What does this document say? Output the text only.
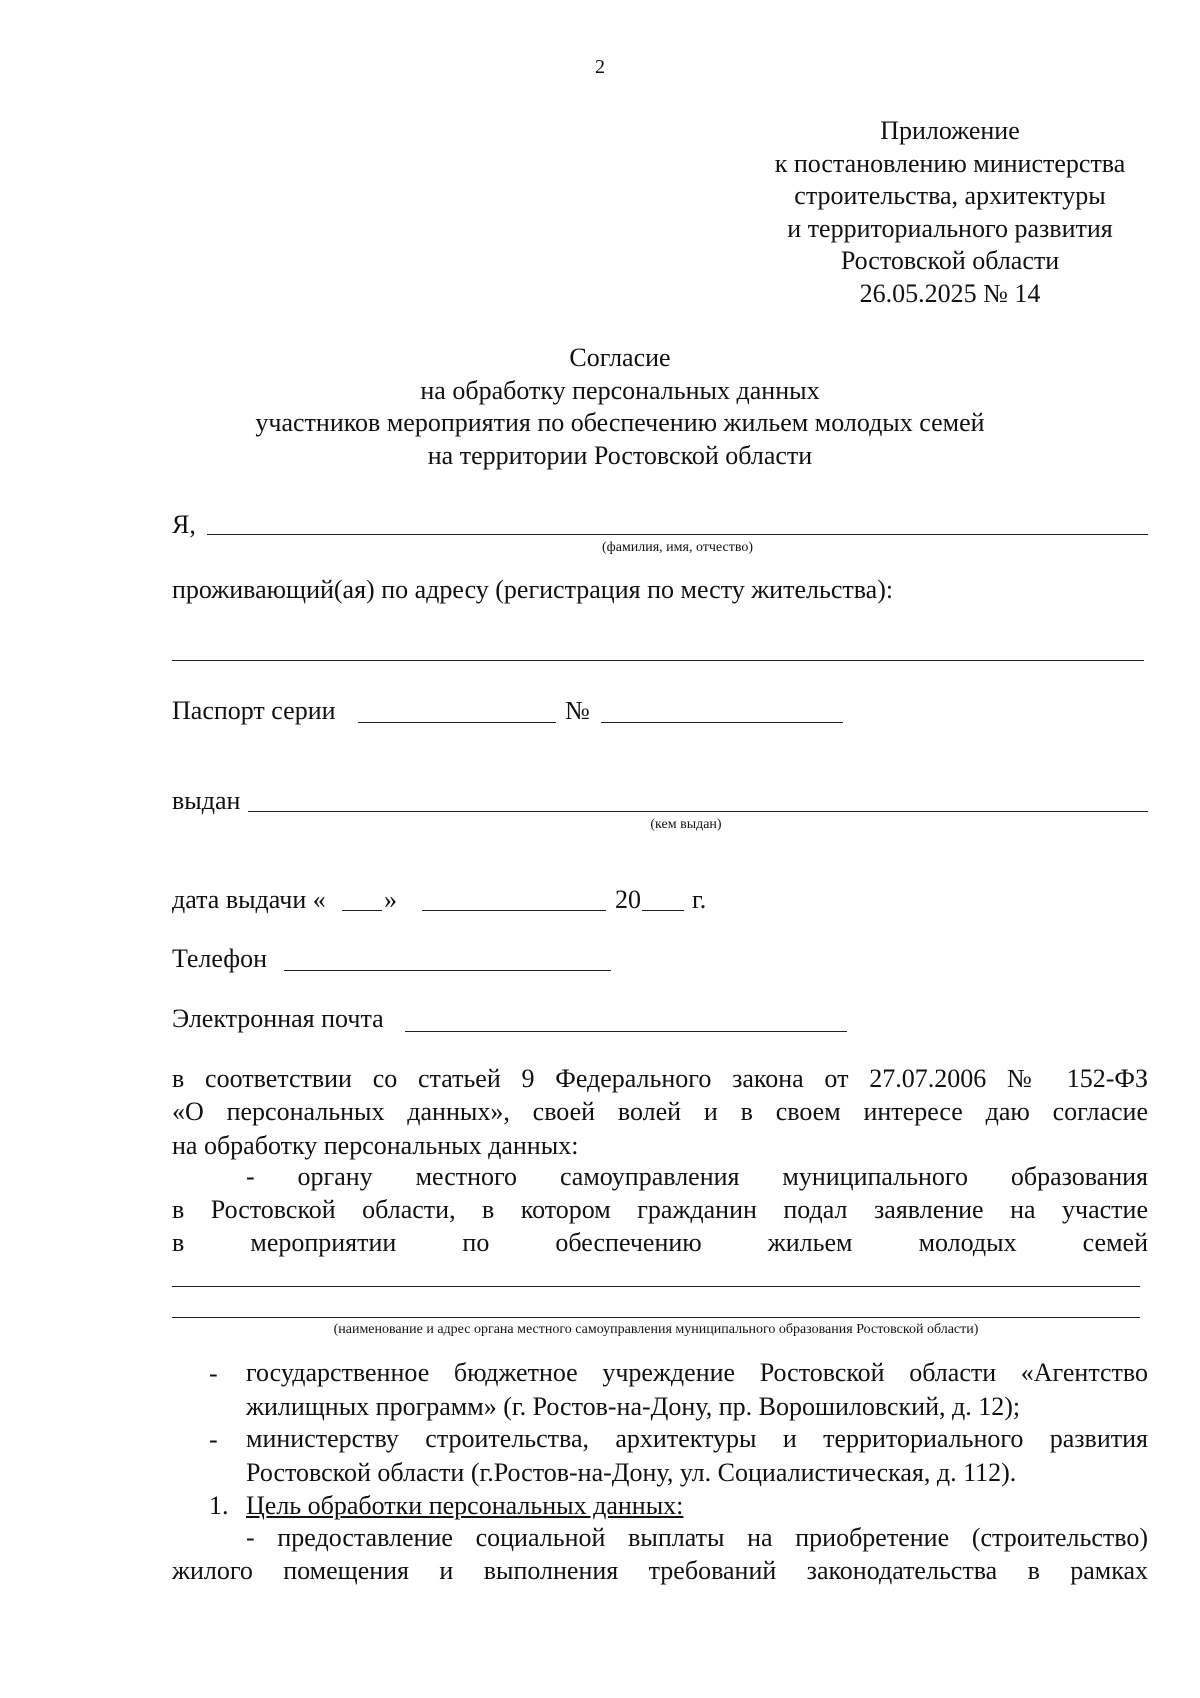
2
Приложение
к постановлению министерства
строительства, архитектуры
и территориального развития
Ростовской области
26.05.2025 № 14
Согласие
на обработку персональных данных
участников мероприятия по обеспечению жильем молодых семей
на территории Ростовской области
Я,
(фамилия, имя, отчество)
проживающий(ая) по адресу (регистрация по месту жительства):
Паспорт серии	№
выдан
(кем выдан)
дата выдачи « »	20 г.
Телефон
Электронная почта
в соответствии со статьей 9 Федерального закона от 27.07.2006 № 152-ФЗ
«О персональных данных», своей волей и в своем интересе даю согласие
на обработку персональных данных:
- органу местного самоуправления муниципального образования
в Ростовской области, в котором гражданин подал заявление на участие
в мероприятии по обеспечению жильем молодых семей
(наименование и адрес органа местного самоуправления муниципального образования Ростовской области)
- государственное бюджетное учреждение Ростовской области «Агентство
жилищных программ» (г. Ростов-на-Дону, пр. Ворошиловский, д. 12);
- министерству строительства, архитектуры и территориального развития
Ростовской области (г.Ростов-на-Дону, ул. Социалистическая, д. 112).
1. Цель обработки персональных данных:
- предоставление социальной выплаты на приобретение (строительство)
жилого помещения и выполнения требований законодательства в рамках
